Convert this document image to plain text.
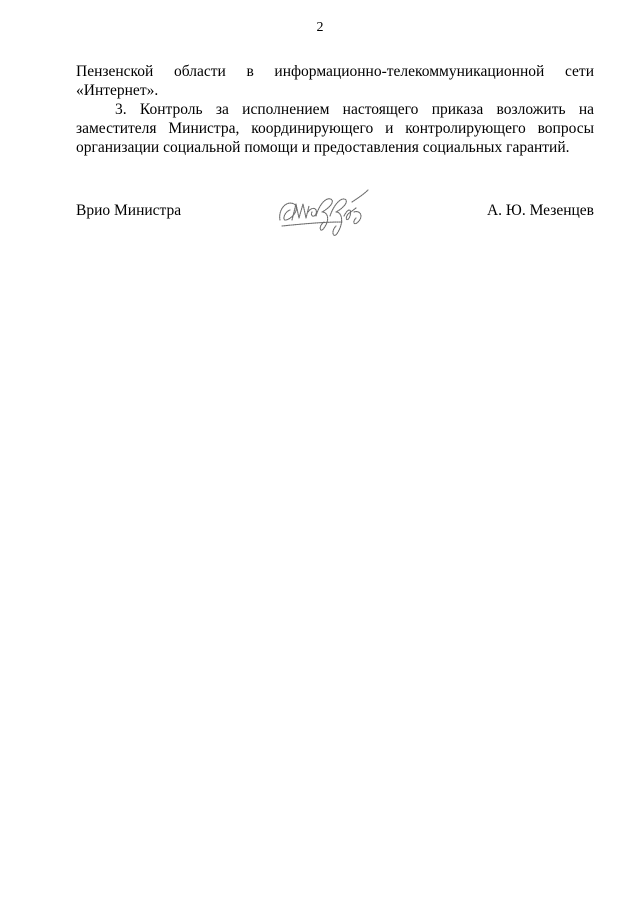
2
Пензенской области в информационно-телекоммуникационной сети
«Интернет».
3. Контроль за исполнением настоящего приказа возложить на
заместителя Министра, координирующего и контролирующего вопросы
организации социальной помощи и предоставления социальных гарантий.
Врио Министра	А. Ю. Мезенцев
